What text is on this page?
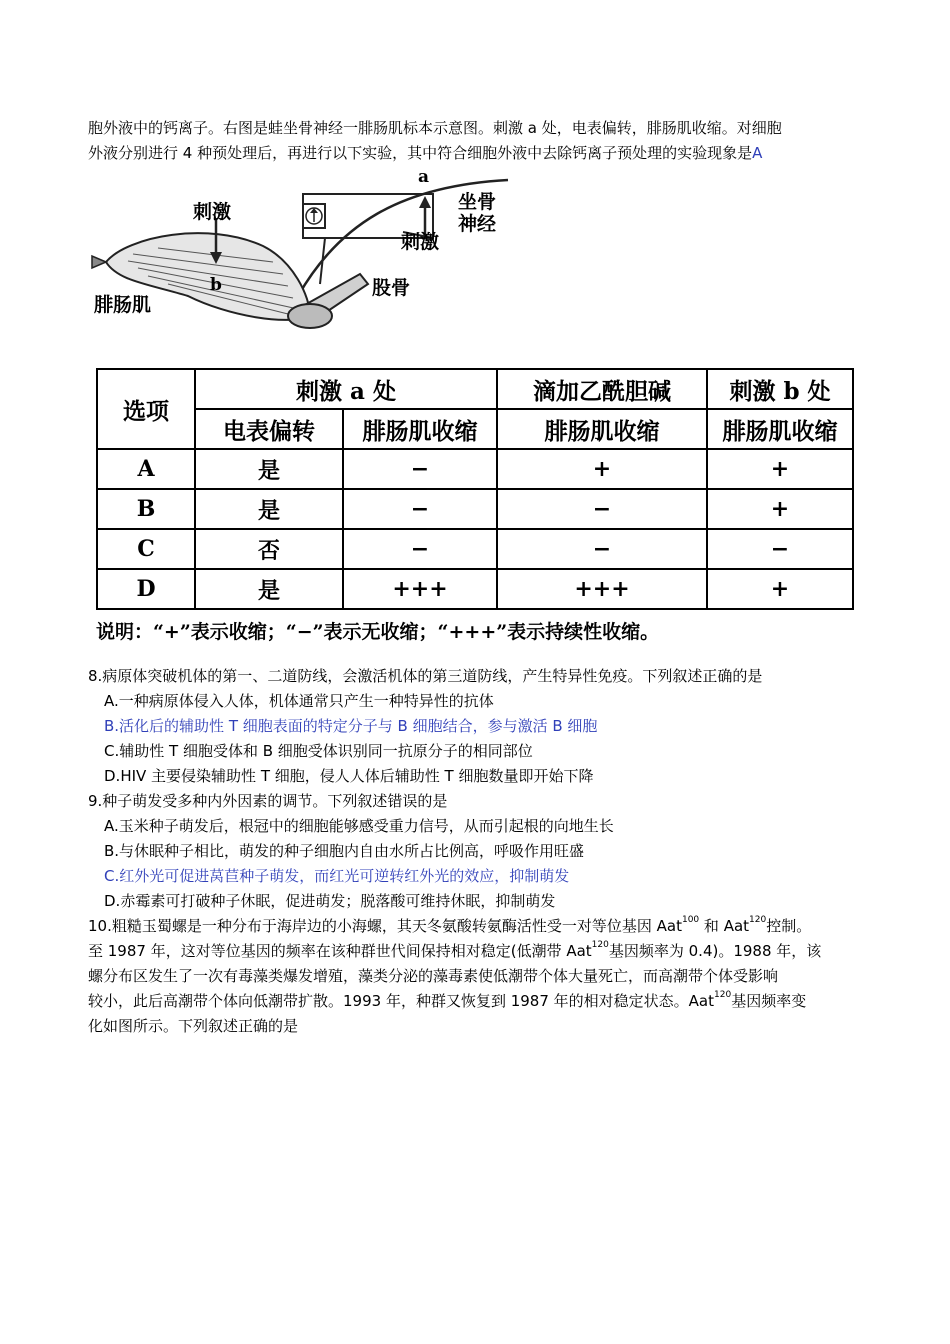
胞外液中的钙离子。右图是蛙坐骨神经一腓肠肌标本示意图。刺激 a 处，电表偏转，腓肠肌收缩。对细胞
外液分别进行 4 种预处理后，再进行以下实验，其中符合细胞外液中去除钙离子预处理的实验现象是A
a
b
刺激
刺激
坐骨
神经
腓肠肌
股骨
选项	刺激 a 处		滴加乙酰胆碱	刺激 b 处
	电表偏转	腓肠肌收缩	腓肠肌收缩	腓肠肌收缩
A	是	−	+	+
B	是	−	−	+
C	否	−	−	−
D	是	+++	+++	+
说明：“+”表示收缩；“−”表示无收缩；“+++”表示持续性收缩。
8.病原体突破机体的第一、二道防线，会激活机体的第三道防线，产生特异性免疫。下列叙述正确的是
A.一种病原体侵入人体，机体通常只产生一种特异性的抗体
B.活化后的辅助性 T 细胞表面的特定分子与 B 细胞结合，参与激活 B 细胞
C.辅助性 T 细胞受体和 B 细胞受体识别同一抗原分子的相同部位
D.HIV 主要侵染辅助性 T 细胞，侵人人体后辅助性 T 细胞数量即开始下降
9.种子萌发受多种内外因素的调节。下列叙述错误的是
A.玉米种子萌发后，根冠中的细胞能够感受重力信号，从而引起根的向地生长
B.与休眠种子相比，萌发的种子细胞内自由水所占比例高，呼吸作用旺盛
C.红外光可促进莴苣种子萌发，而红光可逆转红外光的效应，抑制萌发
D.赤霉素可打破种子休眠，促进萌发；脱落酸可维持休眠，抑制萌发
10.粗糙玉蜀螺是一种分布于海岸边的小海螺，其天冬氨酸转氨酶活性受一对等位基因 Aat$^{100}$ 和 Aat$^{120}$控制。
至 1987 年，这对等位基因的频率在该种群世代间保持相对稳定(低潮带 Aat$^{120}$基因频率为 0.4)。1988 年，该
螺分布区发生了一次有毒藻类爆发增殖，藻类分泌的藻毒素使低潮带个体大量死亡，而高潮带个体受影响
较小，此后高潮带个体向低潮带扩散。1993 年，种群又恢复到 1987 年的相对稳定状态。Aat$^{120}$基因频率变
化如图所示。下列叙述正确的是
